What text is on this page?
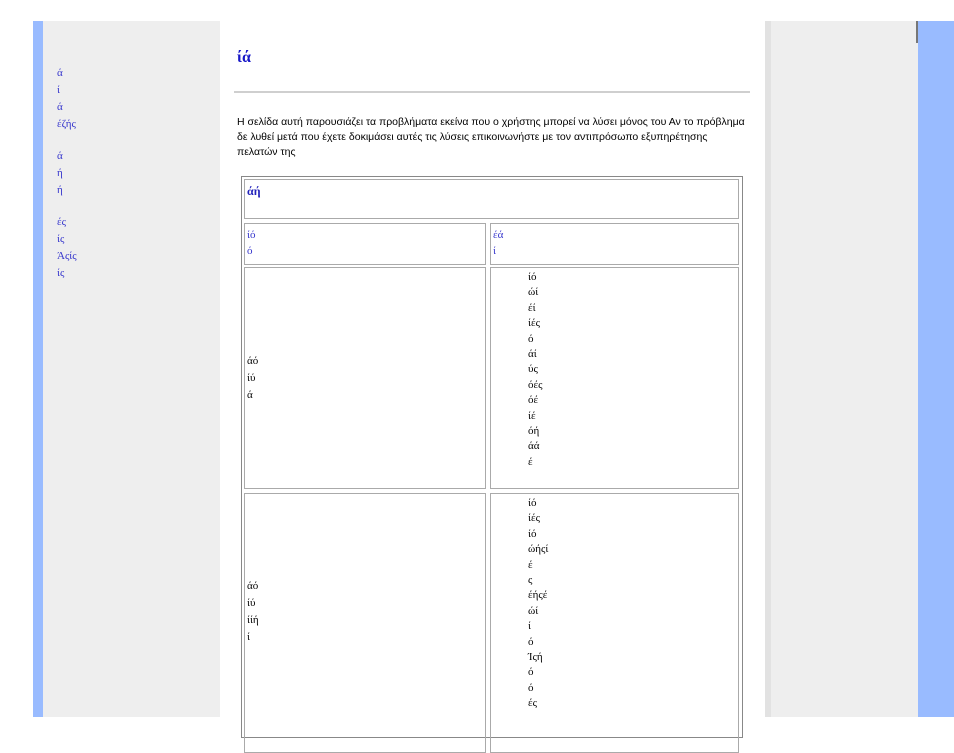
ά
ί
ά
έζής
ά
ή
ή
ές
ίς
Άςίς
ίς
ίά

Η σελίδα αυτή παρουσιάζει τα προβλήματα εκείνα που ο χρήστης μπορεί να λύσει μόνος του Αν το πρόβλημα δε λυθεί μετά που έχετε δοκιμάσει αυτές τις λύσεις επικοινωνήστε με τον αντιπρόσωπο εξυπηρέτησης πελατών της

άή
ίό
ό
έά
ί
άό
ίύ
ά
ίό
ώί
έί
ίές
ό
άί
ύς
όές
όέ
ίέ
όή
άά
έ
άό
ίύ
ίίή
ί
ίό
ίές
ίό
ώήςί
έ
ς
έήςέ
ώί
ί
ό
Ίςή
ό
ό
ές
